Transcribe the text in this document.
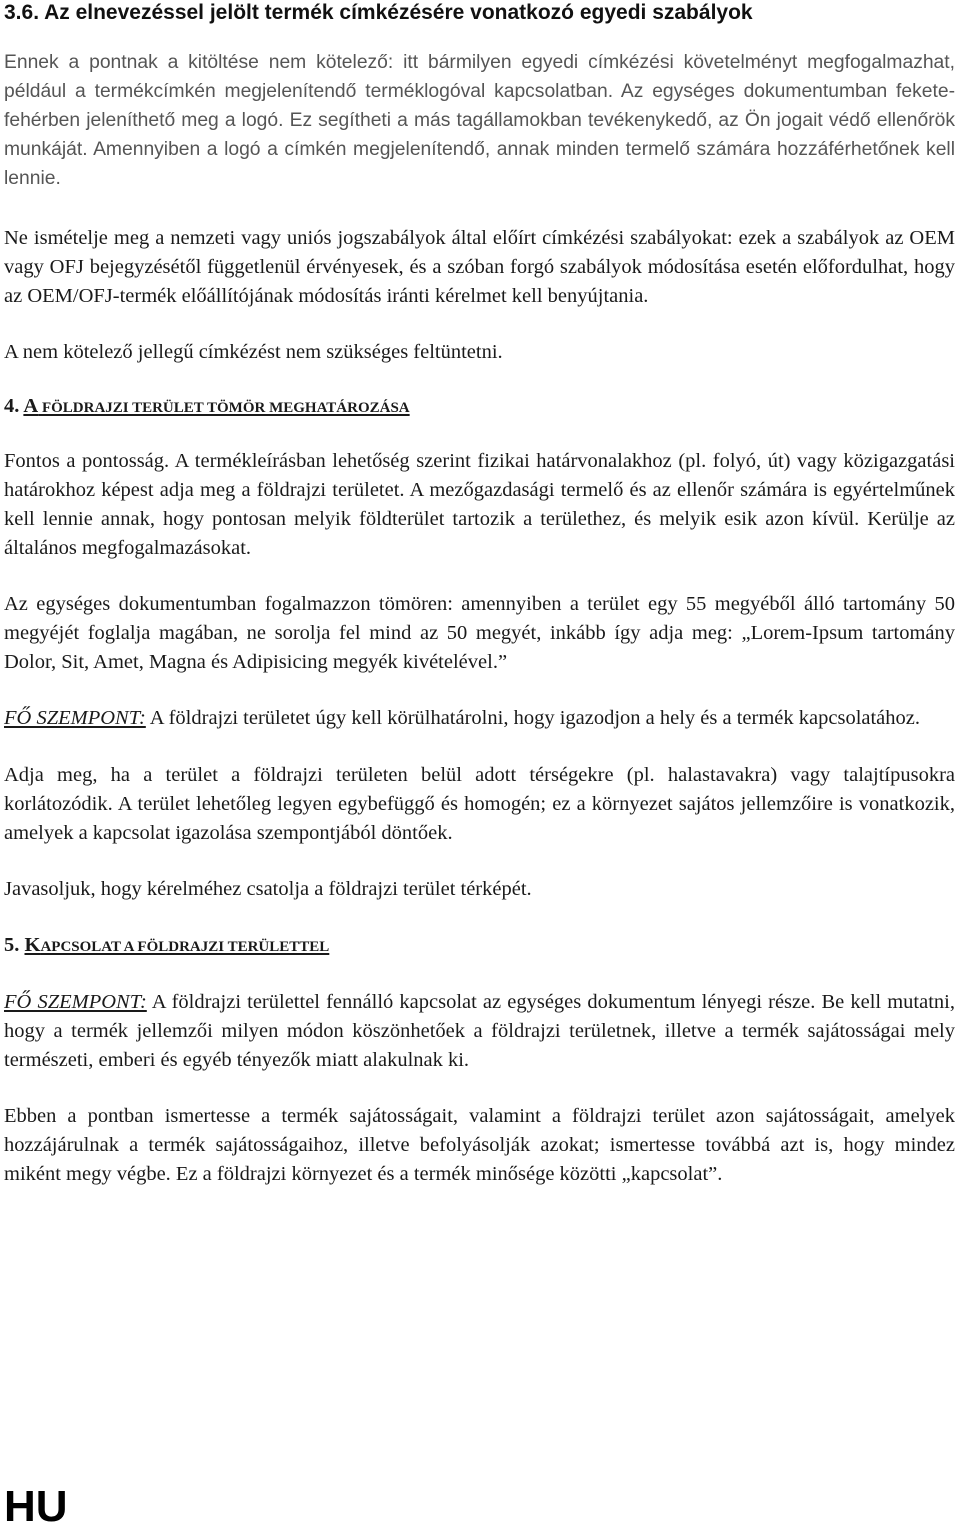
3.6. Az elnevezéssel jelölt termék címkézésére vonatkozó egyedi szabályok

Ennek a pontnak a kitöltése nem kötelező: itt bármilyen egyedi címkézési követelményt megfogalmazhat, például a termékcímkén megjelenítendő terméklogóval kapcsolatban. Az egységes dokumentumban fekete-fehérben jeleníthető meg a logó. Ez segítheti a más tagállamokban tevékenykedő, az Ön jogait védő ellenőrök munkáját. Amennyiben a logó a címkén megjelenítendő, annak minden termelő számára hozzáférhetőnek kell lennie.

Ne ismételje meg a nemzeti vagy uniós jogszabályok által előírt címkézési szabályokat: ezek a szabályok az OEM vagy OFJ bejegyzésétől függetlenül érvényesek, és a szóban forgó szabályok módosítása esetén előfordulhat, hogy az OEM/OFJ-termék előállítójának módosítás iránti kérelmet kell benyújtania.

A nem kötelező jellegű címkézést nem szükséges feltüntetni.

4. A FÖLDRAJZI TERÜLET TÖMÖR MEGHATÁROZÁSA

Fontos a pontosság. A termékleírásban lehetőség szerint fizikai határvonalakhoz (pl. folyó, út) vagy közigazgatási határokhoz képest adja meg a földrajzi területet. A mezőgazdasági termelő és az ellenőr számára is egyértelműnek kell lennie annak, hogy pontosan melyik földterület tartozik a területhez, és melyik esik azon kívül. Kerülje az általános megfogalmazásokat.

Az egységes dokumentumban fogalmazzon tömören: amennyiben a terület egy 55 megyéből álló tartomány 50 megyéjét foglalja magában, ne sorolja fel mind az 50 megyét, inkább így adja meg: „Lorem-Ipsum tartomány Dolor, Sit, Amet, Magna és Adipisicing megyék kivételével.”

FŐ SZEMPONT: A földrajzi területet úgy kell körülhatárolni, hogy igazodjon a hely és a termék kapcsolatához.

Adja meg, ha a terület a földrajzi területen belül adott térségekre (pl. halastavakra) vagy talajtípusokra korlátozódik. A terület lehetőleg legyen egybefüggő és homogén; ez a környezet sajátos jellemzőire is vonatkozik, amelyek a kapcsolat igazolása szempontjából döntőek.

Javasoljuk, hogy kérelméhez csatolja a földrajzi terület térképét.

5. KAPCSOLAT A FÖLDRAJZI TERÜLETTEL

FŐ SZEMPONT: A földrajzi területtel fennálló kapcsolat az egységes dokumentum lényegi része. Be kell mutatni, hogy a termék jellemzői milyen módon köszönhetőek a földrajzi területnek, illetve a termék sajátosságai mely természeti, emberi és egyéb tényezők miatt alakulnak ki.

Ebben a pontban ismertesse a termék sajátosságait, valamint a földrajzi terület azon sajátosságait, amelyek hozzájárulnak a termék sajátosságaihoz, illetve befolyásolják azokat; ismertesse továbbá azt is, hogy mindez miként megy végbe. Ez a földrajzi környezet és a termék minősége közötti „kapcsolat”.

HU
